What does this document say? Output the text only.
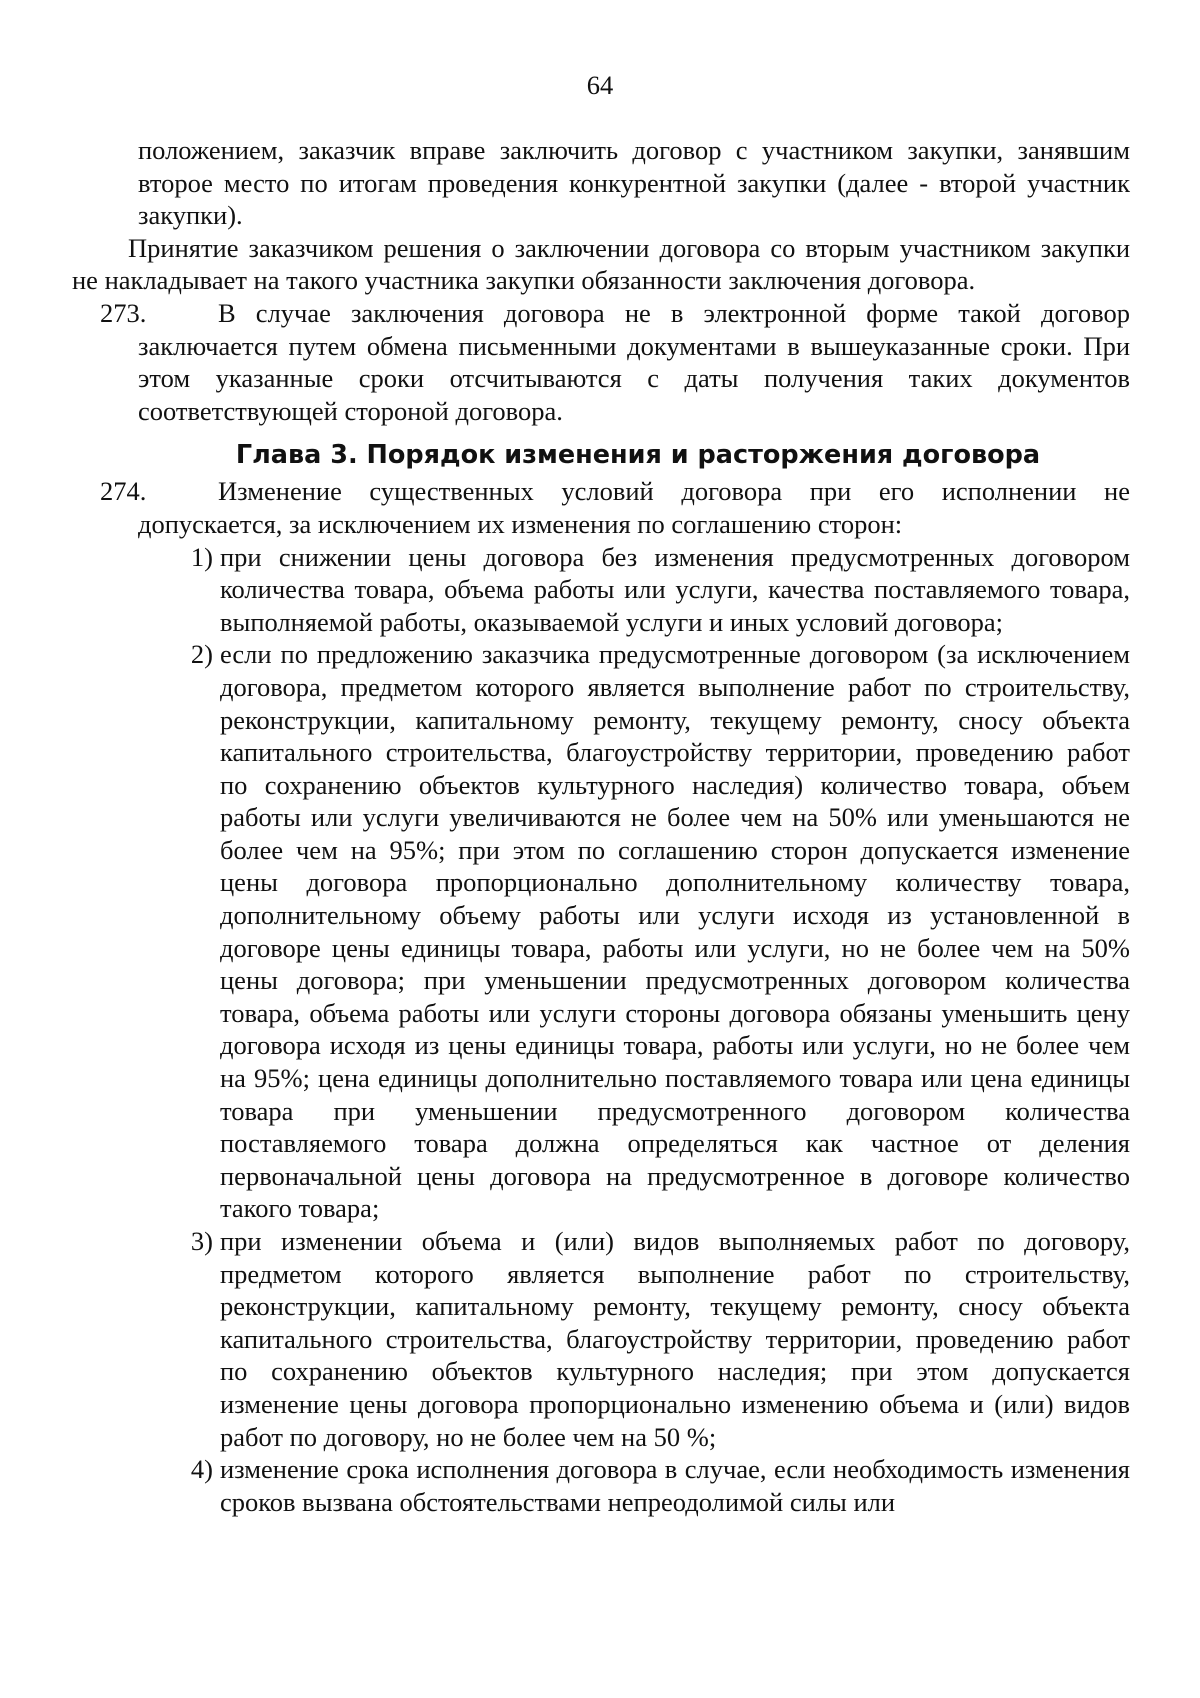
64

положением, заказчик вправе заключить договор с участником закупки, занявшим второе место по итогам проведения конкурентной закупки (далее - второй участник закупки).

Принятие заказчиком решения о заключении договора со вторым участником закупки не накладывает на такого участника закупки обязанности заключения договора.

273.	В случае заключения договора не в электронной форме такой договор заключается путем обмена письменными документами в вышеуказанные сроки. При этом указанные сроки отсчитываются с даты получения таких документов соответствующей стороной договора.

Глава 3. Порядок изменения и расторжения договора
274.	Изменение существенных условий договора при его исполнении не допускается, за исключением их изменения по соглашению сторон:

1) при снижении цены договора без изменения предусмотренных договором количества товара, объема работы или услуги, качества поставляемого товара, выполняемой работы, оказываемой услуги и иных условий договора;

2) если по предложению заказчика предусмотренные договором (за исключением договора, предметом которого является выполнение работ по строительству, реконструкции, капитальному ремонту, текущему ремонту, сносу объекта капитального строительства, благоустройству территории, проведению работ по сохранению объектов культурного наследия) количество товара, объем работы или услуги увеличиваются не более чем на 50% или уменьшаются не более чем на 95%; при этом по соглашению сторон допускается изменение цены договора пропорционально дополнительному количеству товара, дополнительному объему работы или услуги исходя из установленной в договоре цены единицы товара, работы или услуги, но не более чем на 50% цены договора; при уменьшении предусмотренных договором количества товара, объема работы или услуги стороны договора обязаны уменьшить цену договора исходя из цены единицы товара, работы или услуги, но не более чем на 95%; цена единицы дополнительно поставляемого товара или цена единицы товара при уменьшении предусмотренного договором количества поставляемого товара должна определяться как частное от деления первоначальной цены договора на предусмотренное в договоре количество такого товара;

3) при изменении объема и (или) видов выполняемых работ по договору, предметом которого является выполнение работ по строительству, реконструкции, капитальному ремонту, текущему ремонту, сносу объекта капитального строительства, благоустройству территории, проведению работ по сохранению объектов культурного наследия; при этом допускается изменение цены договора пропорционально изменению объема и (или) видов работ по договору, но не более чем на 50 %;

4) изменение срока исполнения договора в случае, если необходимость изменения сроков вызвана обстоятельствами непреодолимой силы или
